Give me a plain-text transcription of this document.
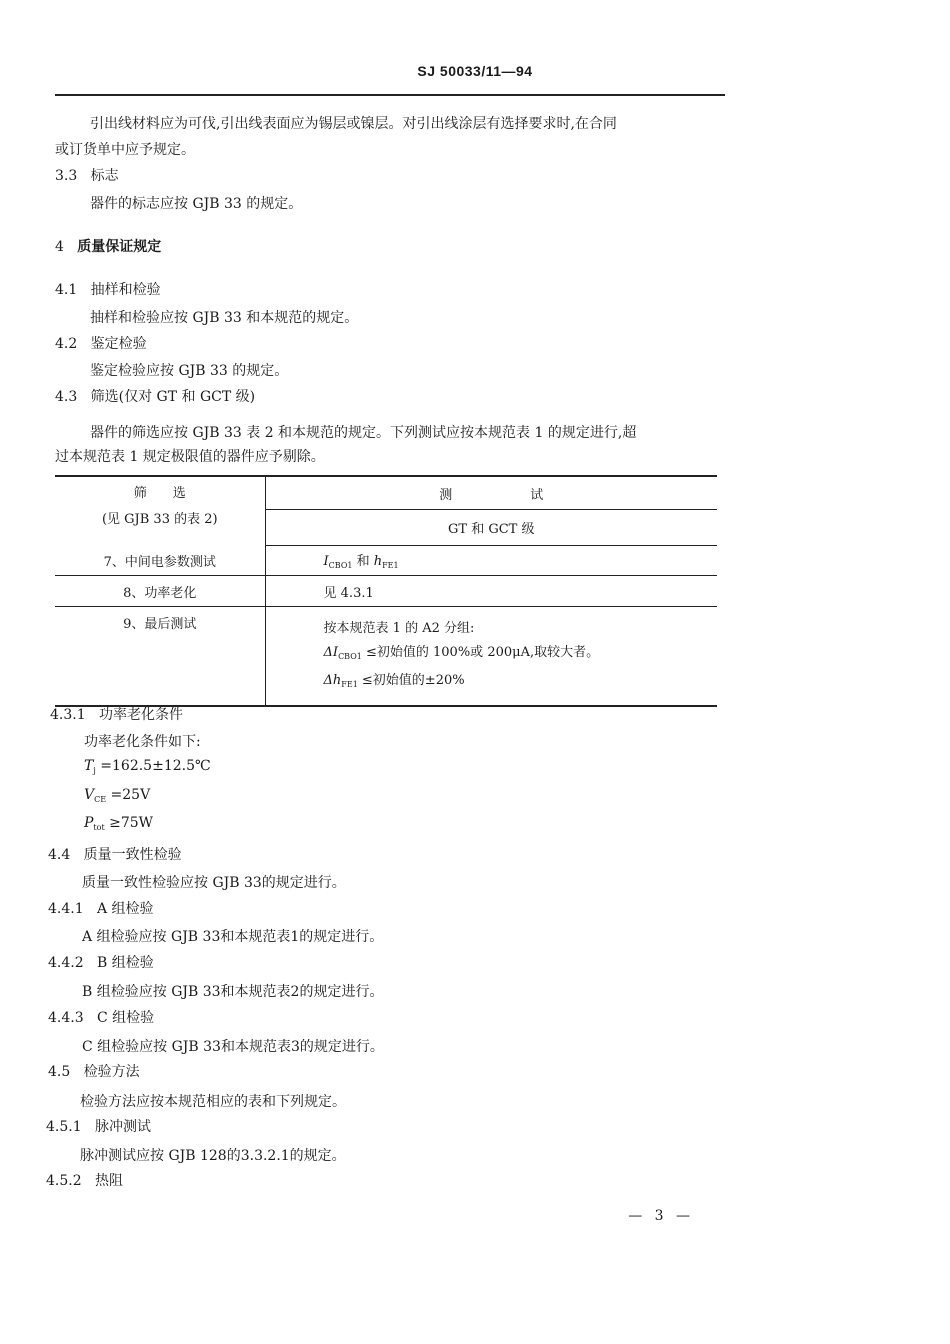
SJ 50033/11—94
引出线材料应为可伐,引出线表面应为锡层或镍层。对引出线涂层有选择要求时,在合同
或订货单中应予规定。
3.3 标志
器件的标志应按 GJB 33 的规定。
4 质量保证规定
4.1 抽样和检验
抽样和检验应按 GJB 33 和本规范的规定。
4.2 鉴定检验
鉴定检验应按 GJB 33 的规定。
4.3 筛选(仅对 GT 和 GCT 级)
器件的筛选应按 GJB 33 表 2 和本规范的规定。下列测试应按本规范表 1 的规定进行,超
过本规范表 1 规定极限值的器件应予剔除。
筛　　选
(见 GJB 33 的表 2)	测　　　　　　试
	GT 和 GCT 级
7、中间电参数测试	$I_{CBO1}$ 和 $h_{FE1}$
8、功率老化	见 4.3.1
9、最后测试	按本规范表 1 的 A2 分组:
$\Delta I_{CBO1}$ ≤初始值的 100%或 200μA,取较大者。
$\Delta h_{FE1}$ ≤初始值的±20%
4.3.1 功率老化条件
功率老化条件如下:
$T_j$ =162.5±12.5℃
$V_{CE} =25V$
$P_{tot} \ge 75W$
4.4 质量一致性检验
质量一致性检验应按 GJB 33的规定进行。
4.4.1 A 组检验
A 组检验应按 GJB 33和本规范表1的规定进行。
4.4.2 B 组检验
B 组检验应按 GJB 33和本规范表2的规定进行。
4.4.3 C 组检验
C 组检验应按 GJB 33和本规范表3的规定进行。
4.5 检验方法
检验方法应按本规范相应的表和下列规定。
4.5.1 脉冲测试
脉冲测试应按 GJB 128的3.3.2.1的规定。
4.5.2 热阻
— 3 —
